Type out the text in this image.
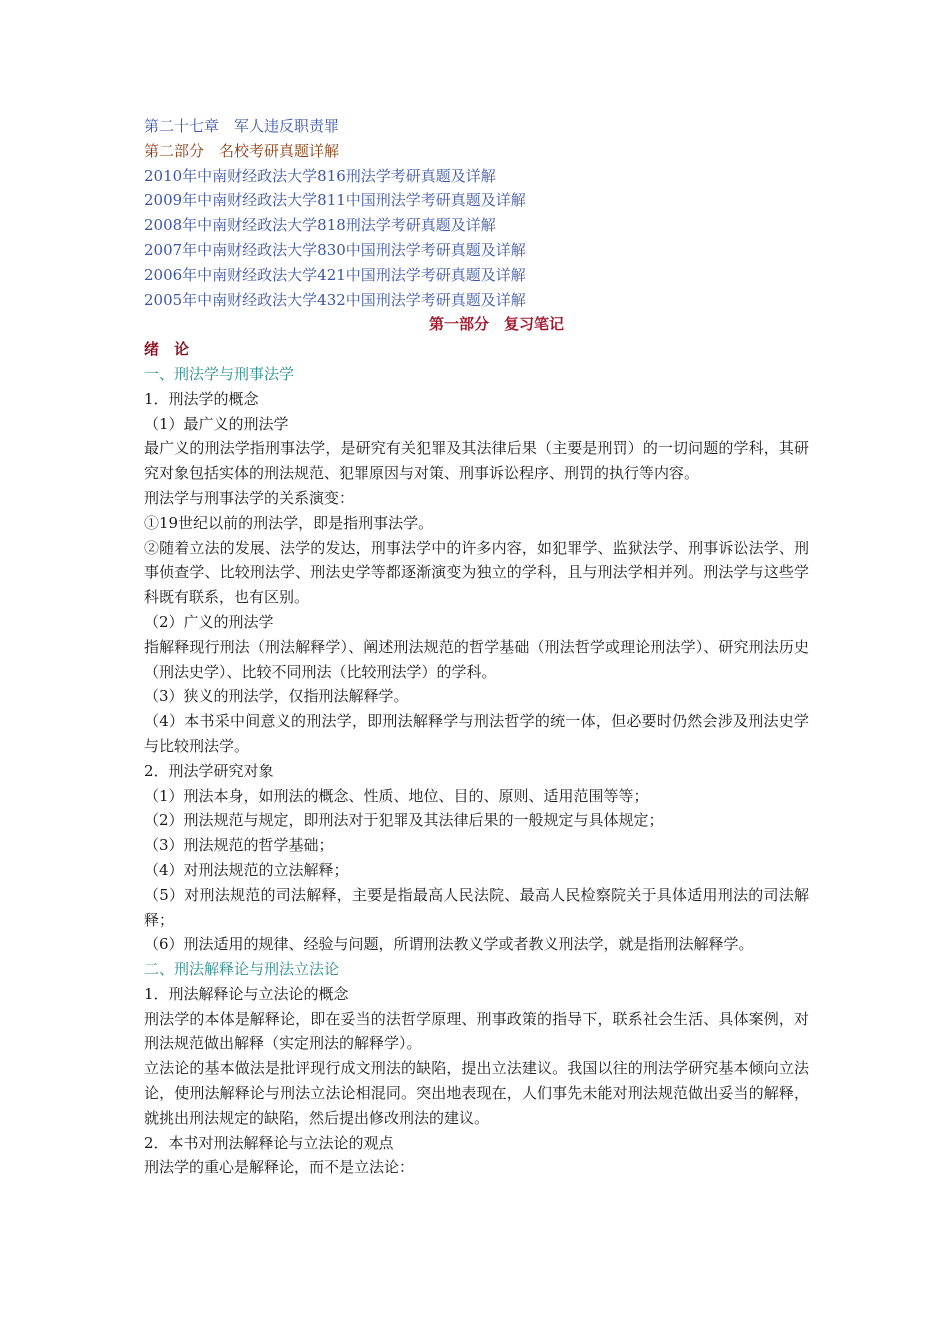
第二十七章　军人违反职责罪
第二部分　名校考研真题详解
2010年中南财经政法大学816刑法学考研真题及详解
2009年中南财经政法大学811中国刑法学考研真题及详解
2008年中南财经政法大学818刑法学考研真题及详解
2007年中南财经政法大学830中国刑法学考研真题及详解
2006年中南财经政法大学421中国刑法学考研真题及详解
2005年中南财经政法大学432中国刑法学考研真题及详解
第一部分　复习笔记
绪　论
一、刑法学与刑事法学
1．刑法学的概念
（1）最广义的刑法学
最广义的刑法学指刑事法学，是研究有关犯罪及其法律后果（主要是刑罚）的一切问题的学科，其研究对象包括实体的刑法规范、犯罪原因与对策、刑事诉讼程序、刑罚的执行等内容。
刑法学与刑事法学的关系演变：
①19世纪以前的刑法学，即是指刑事法学。
②随着立法的发展、法学的发达，刑事法学中的许多内容，如犯罪学、监狱法学、刑事诉讼法学、刑事侦查学、比较刑法学、刑法史学等都逐渐演变为独立的学科，且与刑法学相并列。刑法学与这些学科既有联系，也有区别。
（2）广义的刑法学
指解释现行刑法（刑法解释学）、阐述刑法规范的哲学基础（刑法哲学或理论刑法学）、研究刑法历史（刑法史学）、比较不同刑法（比较刑法学）的学科。
（3）狭义的刑法学，仅指刑法解释学。
（4）本书采中间意义的刑法学，即刑法解释学与刑法哲学的统一体，但必要时仍然会涉及刑法史学与比较刑法学。
2．刑法学研究对象
（1）刑法本身，如刑法的概念、性质、地位、目的、原则、适用范围等等；
（2）刑法规范与规定，即刑法对于犯罪及其法律后果的一般规定与具体规定；
（3）刑法规范的哲学基础；
（4）对刑法规范的立法解释；
（5）对刑法规范的司法解释，主要是指最高人民法院、最高人民检察院关于具体适用刑法的司法解释；
（6）刑法适用的规律、经验与问题，所谓刑法教义学或者教义刑法学，就是指刑法解释学。
二、刑法解释论与刑法立法论
1．刑法解释论与立法论的概念
刑法学的本体是解释论，即在妥当的法哲学原理、刑事政策的指导下，联系社会生活、具体案例，对刑法规范做出解释（实定刑法的解释学）。
立法论的基本做法是批评现行成文刑法的缺陷，提出立法建议。我国以往的刑法学研究基本倾向立法论，使刑法解释论与刑法立法论相混同。突出地表现在，人们事先未能对刑法规范做出妥当的解释，就挑出刑法规定的缺陷，然后提出修改刑法的建议。
2．本书对刑法解释论与立法论的观点
刑法学的重心是解释论，而不是立法论：
